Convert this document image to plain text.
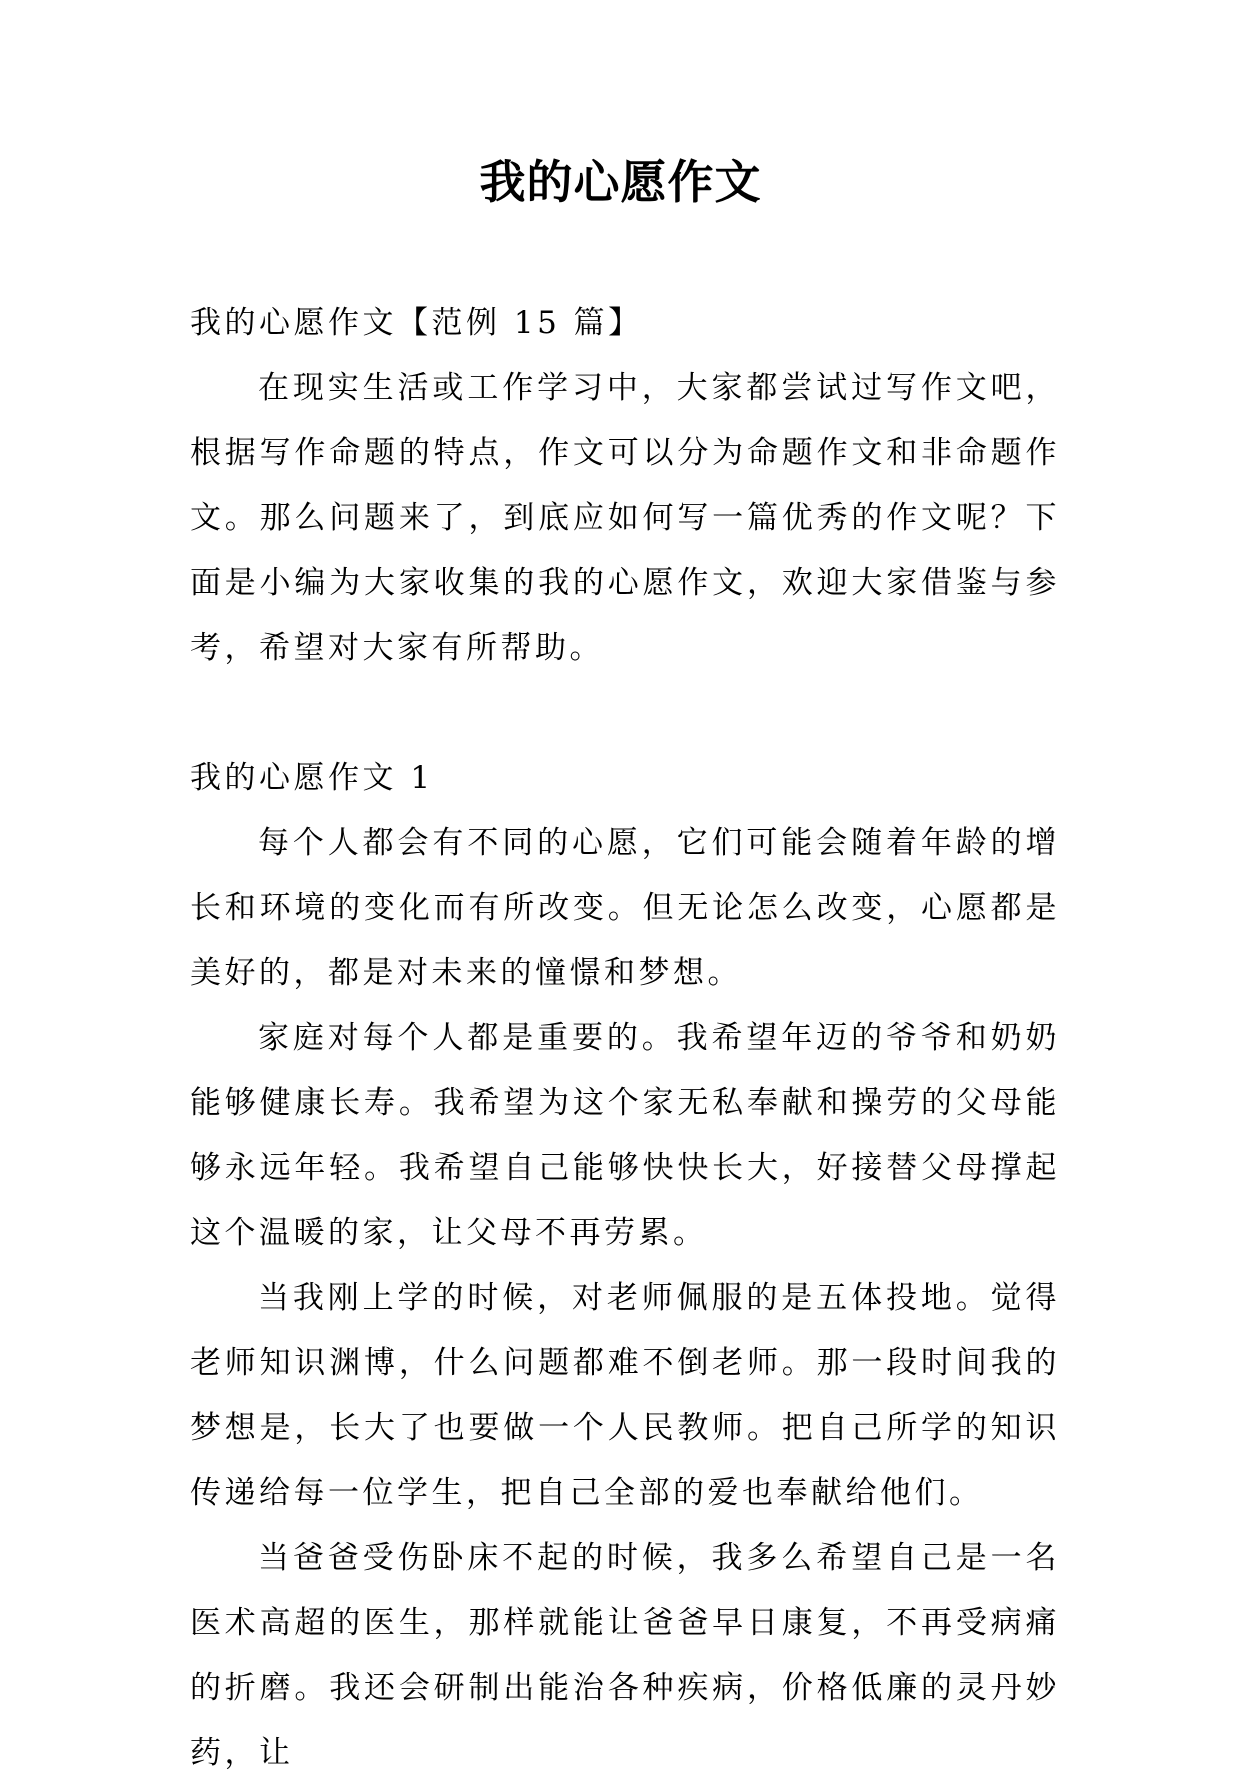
我的心愿作文

我的心愿作文【范例 15 篇】

在现实生活或工作学习中，大家都尝试过写作文吧，根据写作命题的特点，作文可以分为命题作文和非命题作文。那么问题来了，到底应如何写一篇优秀的作文呢？下面是小编为大家收集的我的心愿作文，欢迎大家借鉴与参考，希望对大家有所帮助。

我的心愿作文 1

每个人都会有不同的心愿，它们可能会随着年龄的增长和环境的变化而有所改变。但无论怎么改变，心愿都是美好的，都是对未来的憧憬和梦想。

家庭对每个人都是重要的。我希望年迈的爷爷和奶奶能够健康长寿。我希望为这个家无私奉献和操劳的父母能够永远年轻。我希望自己能够快快长大，好接替父母撑起这个温暖的家，让父母不再劳累。

当我刚上学的时候，对老师佩服的是五体投地。觉得老师知识渊博，什么问题都难不倒老师。那一段时间我的梦想是，长大了也要做一个人民教师。把自己所学的知识传递给每一位学生，把自己全部的爱也奉献给他们。

当爸爸受伤卧床不起的时候，我多么希望自己是一名医术高超的医生，那样就能让爸爸早日康复，不再受病痛的折磨。我还会研制出能治各种疾病，价格低廉的灵丹妙药，让
